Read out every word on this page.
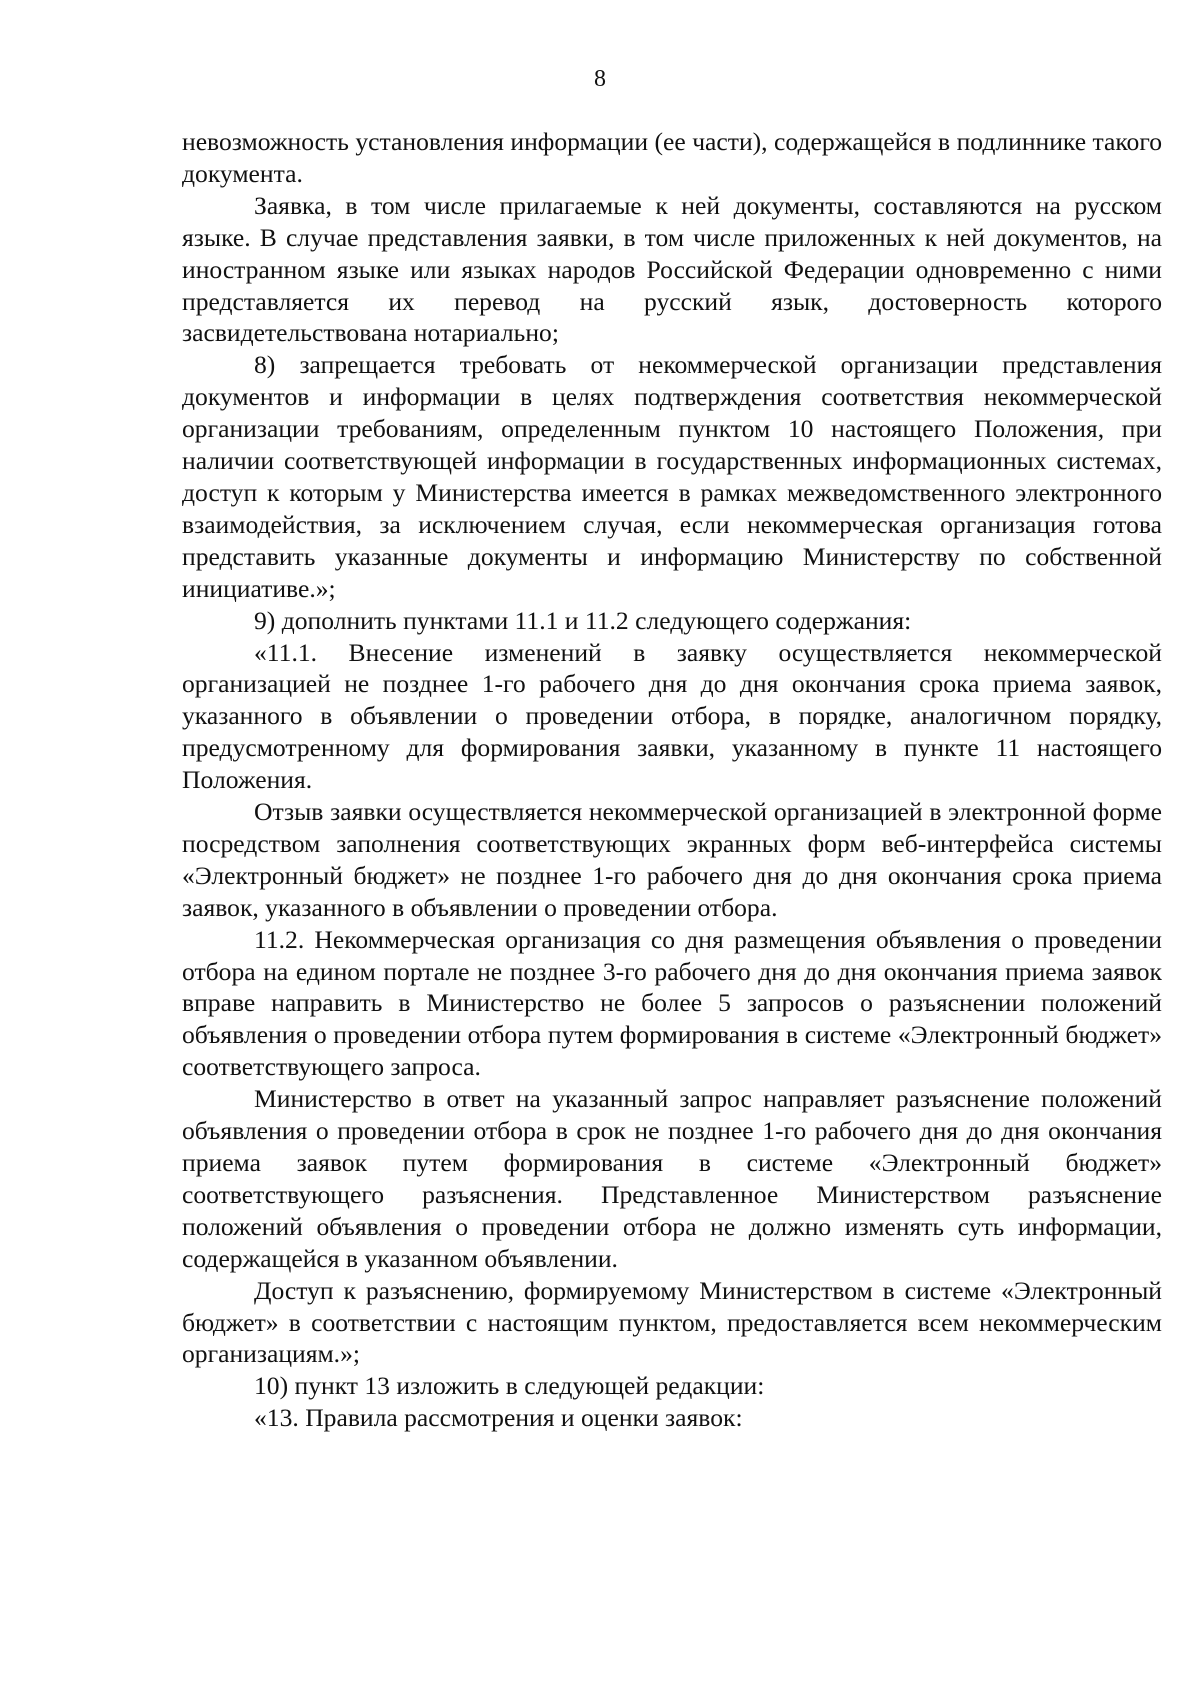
8

невозможность установления информации (ее части), содержащейся в подлиннике такого документа.

Заявка, в том числе прилагаемые к ней документы, составляются на русском языке. В случае представления заявки, в том числе приложенных к ней документов, на иностранном языке или языках народов Российской Федерации одновременно с ними представляется их перевод на русский язык, достоверность которого засвидетельствована нотариально;

8) запрещается требовать от некоммерческой организации представления документов и информации в целях подтверждения соответствия некоммерческой организации требованиям, определенным пунктом 10 настоящего Положения, при наличии соответствующей информации в государственных информационных системах, доступ к которым у Министерства имеется в рамках межведомственного электронного взаимодействия, за исключением случая, если некоммерческая организация готова представить указанные документы и информацию Министерству по собственной инициативе.»;

9) дополнить пунктами 11.1 и 11.2 следующего содержания:

«11.1. Внесение изменений в заявку осуществляется некоммерческой организацией не позднее 1-го рабочего дня до дня окончания срока приема заявок, указанного в объявлении о проведении отбора, в порядке, аналогичном порядку, предусмотренному для формирования заявки, указанному в пункте 11 настоящего Положения.

Отзыв заявки осуществляется некоммерческой организацией в электронной форме посредством заполнения соответствующих экранных форм веб-интерфейса системы «Электронный бюджет» не позднее 1-го рабочего дня до дня окончания срока приема заявок, указанного в объявлении о проведении отбора.

11.2. Некоммерческая организация со дня размещения объявления о проведении отбора на едином портале не позднее 3-го рабочего дня до дня окончания приема заявок вправе направить в Министерство не более 5 запросов о разъяснении положений объявления о проведении отбора путем формирования в системе «Электронный бюджет» соответствующего запроса.

Министерство в ответ на указанный запрос направляет разъяснение положений объявления о проведении отбора в срок не позднее 1-го рабочего дня до дня окончания приема заявок путем формирования в системе «Электронный бюджет» соответствующего разъяснения. Представленное Министерством разъяснение положений объявления о проведении отбора не должно изменять суть информации, содержащейся в указанном объявлении.

Доступ к разъяснению, формируемому Министерством в системе «Электронный бюджет» в соответствии с настоящим пунктом, предоставляется всем некоммерческим организациям.»;

10) пункт 13 изложить в следующей редакции:

«13. Правила рассмотрения и оценки заявок:
